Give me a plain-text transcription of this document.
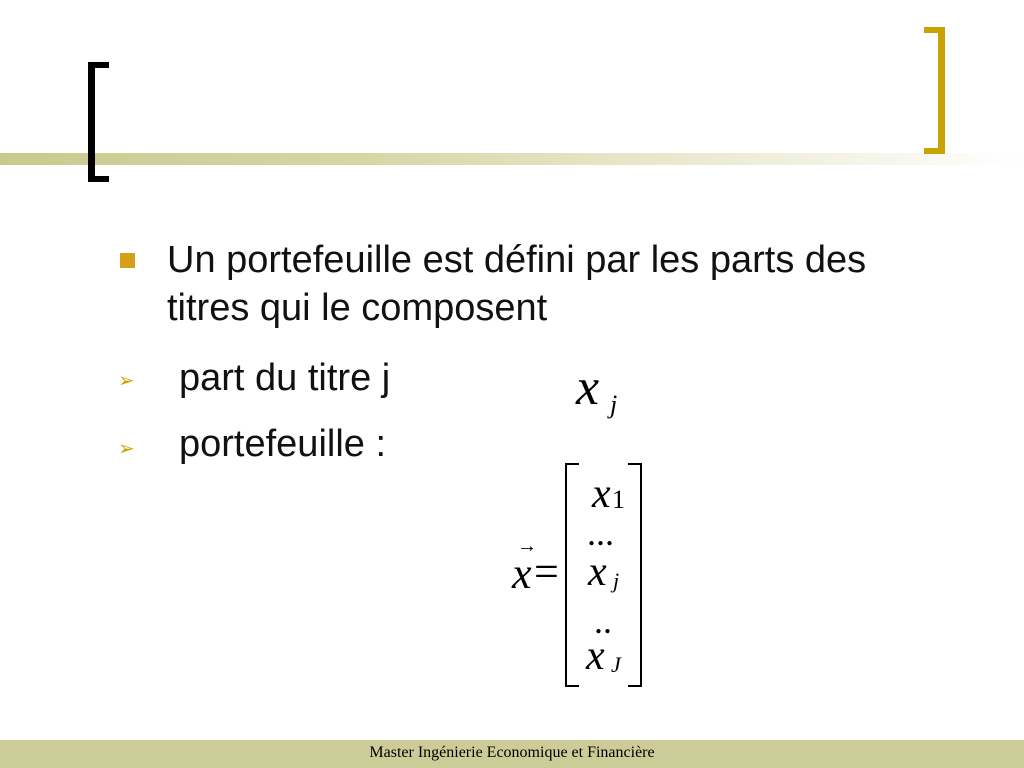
Un portefeuille est défini par les parts des titres qui le composent
➢ part du titre j
➢ portefeuille :
x j
→
x =
x 1
...
x j
..
x J
Master Ingénierie Economique et Financière
